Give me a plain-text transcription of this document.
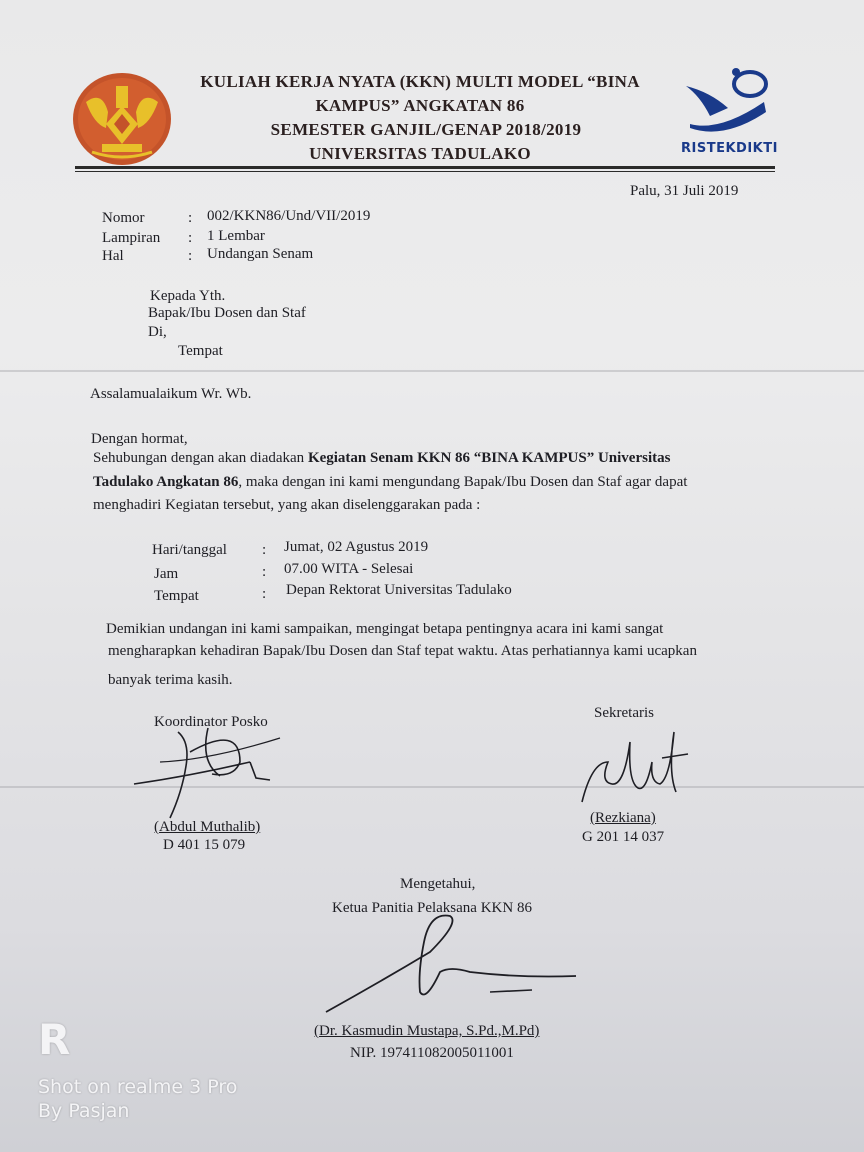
KULIAH KERJA NYATA (KKN) MULTI MODEL “BINA
KAMPUS” ANGKATAN 86
SEMESTER GANJIL/GENAP 2018/2019
UNIVERSITAS TADULAKO	RISTEKDIKTI
Palu, 31 Juli 2019
Nomor	: 002/KKN86/Und/VII/2019
Lampiran : 1 Lembar
Hal	: Undangan Senam
Kepada Yth.
Bapak/Ibu Dosen dan Staf
Di,
Tempat
Assalamualaikum Wr. Wb.
Dengan hormat,
Sehubungan dengan akan diadakan Kegiatan Senam KKN 86 “BINA KAMPUS” Universitas
Tadulako Angkatan 86, maka dengan ini kami mengundang Bapak/Ibu Dosen dan Staf agar dapat
menghadiri Kegiatan tersebut, yang akan diselenggarakan pada :
Hari/tanggal : Jumat, 02 Agustus 2019
Jam	: 07.00 WITA - Selesai
Tempat	: Depan Rektorat Universitas Tadulako
Demikian undangan ini kami sampaikan, mengingat betapa pentingnya acara ini kami sangat
mengharapkan kehadiran Bapak/Ibu Dosen dan Staf tepat waktu. Atas perhatiannya kami ucapkan
banyak terima kasih.
Koordinator Posko
(Abdul Muthalib)
D 401 15 079
Sekretaris
(Rezkiana)
G 201 14 037
Mengetahui,
Ketua Panitia Pelaksana KKN 86
(Dr. Kasmudin Mustapa, S.Pd.,M.Pd)
NIP. 197411082005011001
R
Shot on realme 3 Pro
By Pasjan
